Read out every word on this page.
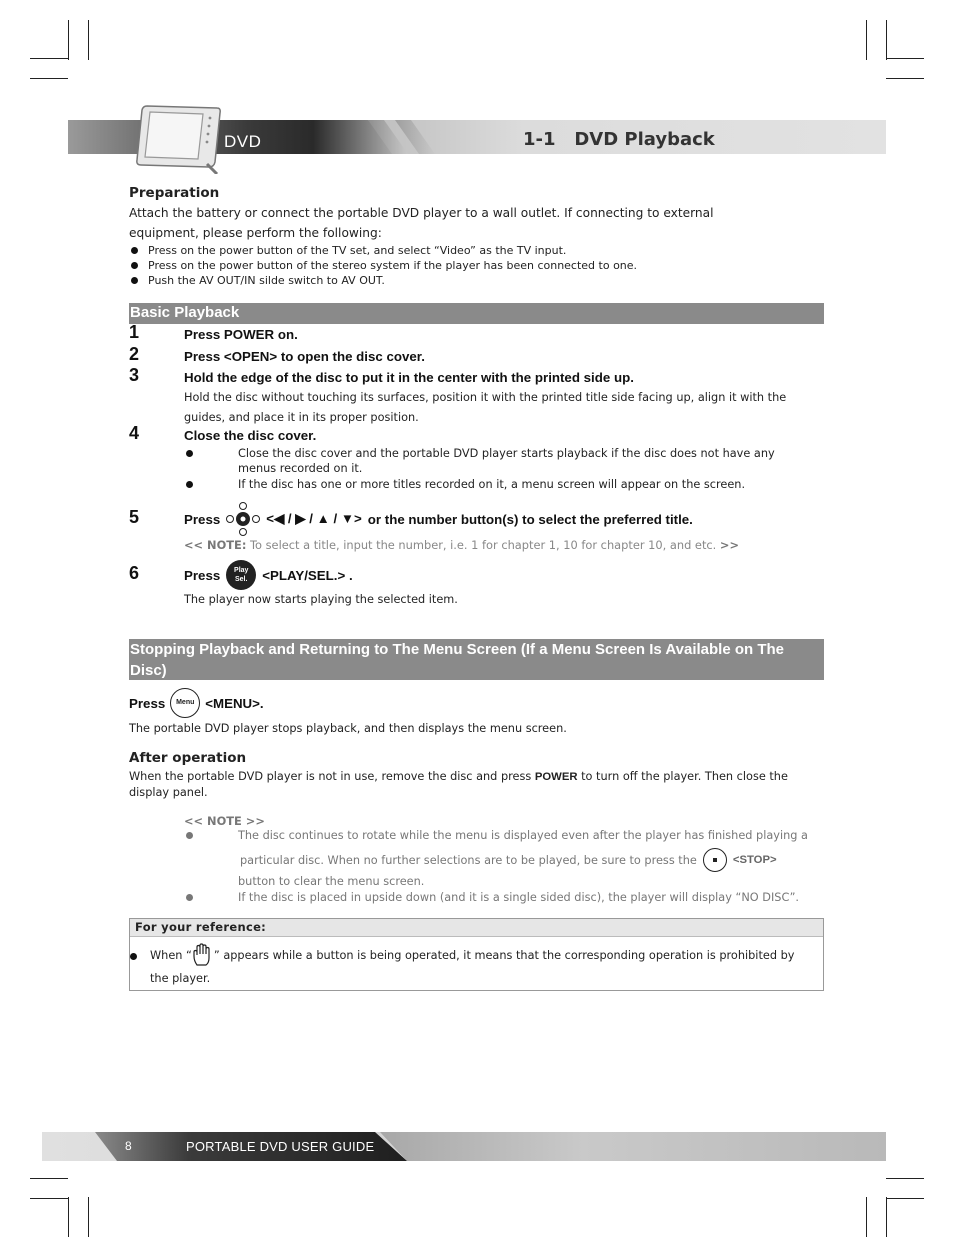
DVD	1-1   DVD Playback
Preparation
Attach the battery or connect the portable DVD player to a wall outlet. If connecting to external
equipment, please perform the following:
Press on the power button of the TV set, and select “Video” as the TV input.
Press on the power button of the stereo system if the player has been connected to one.
Push the AV OUT/IN silde switch to AV OUT.
Basic Playback
1	Press POWER on.
2	Press <OPEN> to open the disc cover.
3	Hold the edge of the disc to put it in the center with the printed side up.
Hold the disc without touching its surfaces, position it with the printed title side facing up, align it with the
guides, and place it in its proper position.
4	Close the disc cover.
Close the disc cover and the portable DVD player starts playback if the disc does not have any
menus recorded on it.
If the disc has one or more titles recorded on it, a menu screen will appear on the screen.
5	Press	<◀ / ▶ / ▲ / ▼> or the number button(s) to select the preferred title.
<< NOTE: To select a title, input the number, i.e. 1 for chapter 1, 10 for chapter 10, and etc. >>
6	Press	Play
Sel.	<PLAY/SEL.> .
The player now starts playing the selected item.
Stopping Playback and Returning to The Menu Screen (If a Menu Screen Is Available on The Disc)
Press	Menu <MENU>.
The portable DVD player stops playback, and then displays the menu screen.
After operation
When the portable DVD player is not in use, remove the disc and press POWER to turn off the player. Then close the
display panel.
<< NOTE >>
The disc continues to rotate while the menu is displayed even after the player has finished playing a
particular disc. When no further selections are to be played, be sure to press the	<STOP>
button to clear the menu screen.
If the disc is placed in upside down (and it is a single sided disc), the player will display “NO DISC”.
For your reference:
When “ ” appears while a button is being operated, it means that the corresponding operation is prohibited by
the player.
8	PORTABLE DVD USER GUIDE
